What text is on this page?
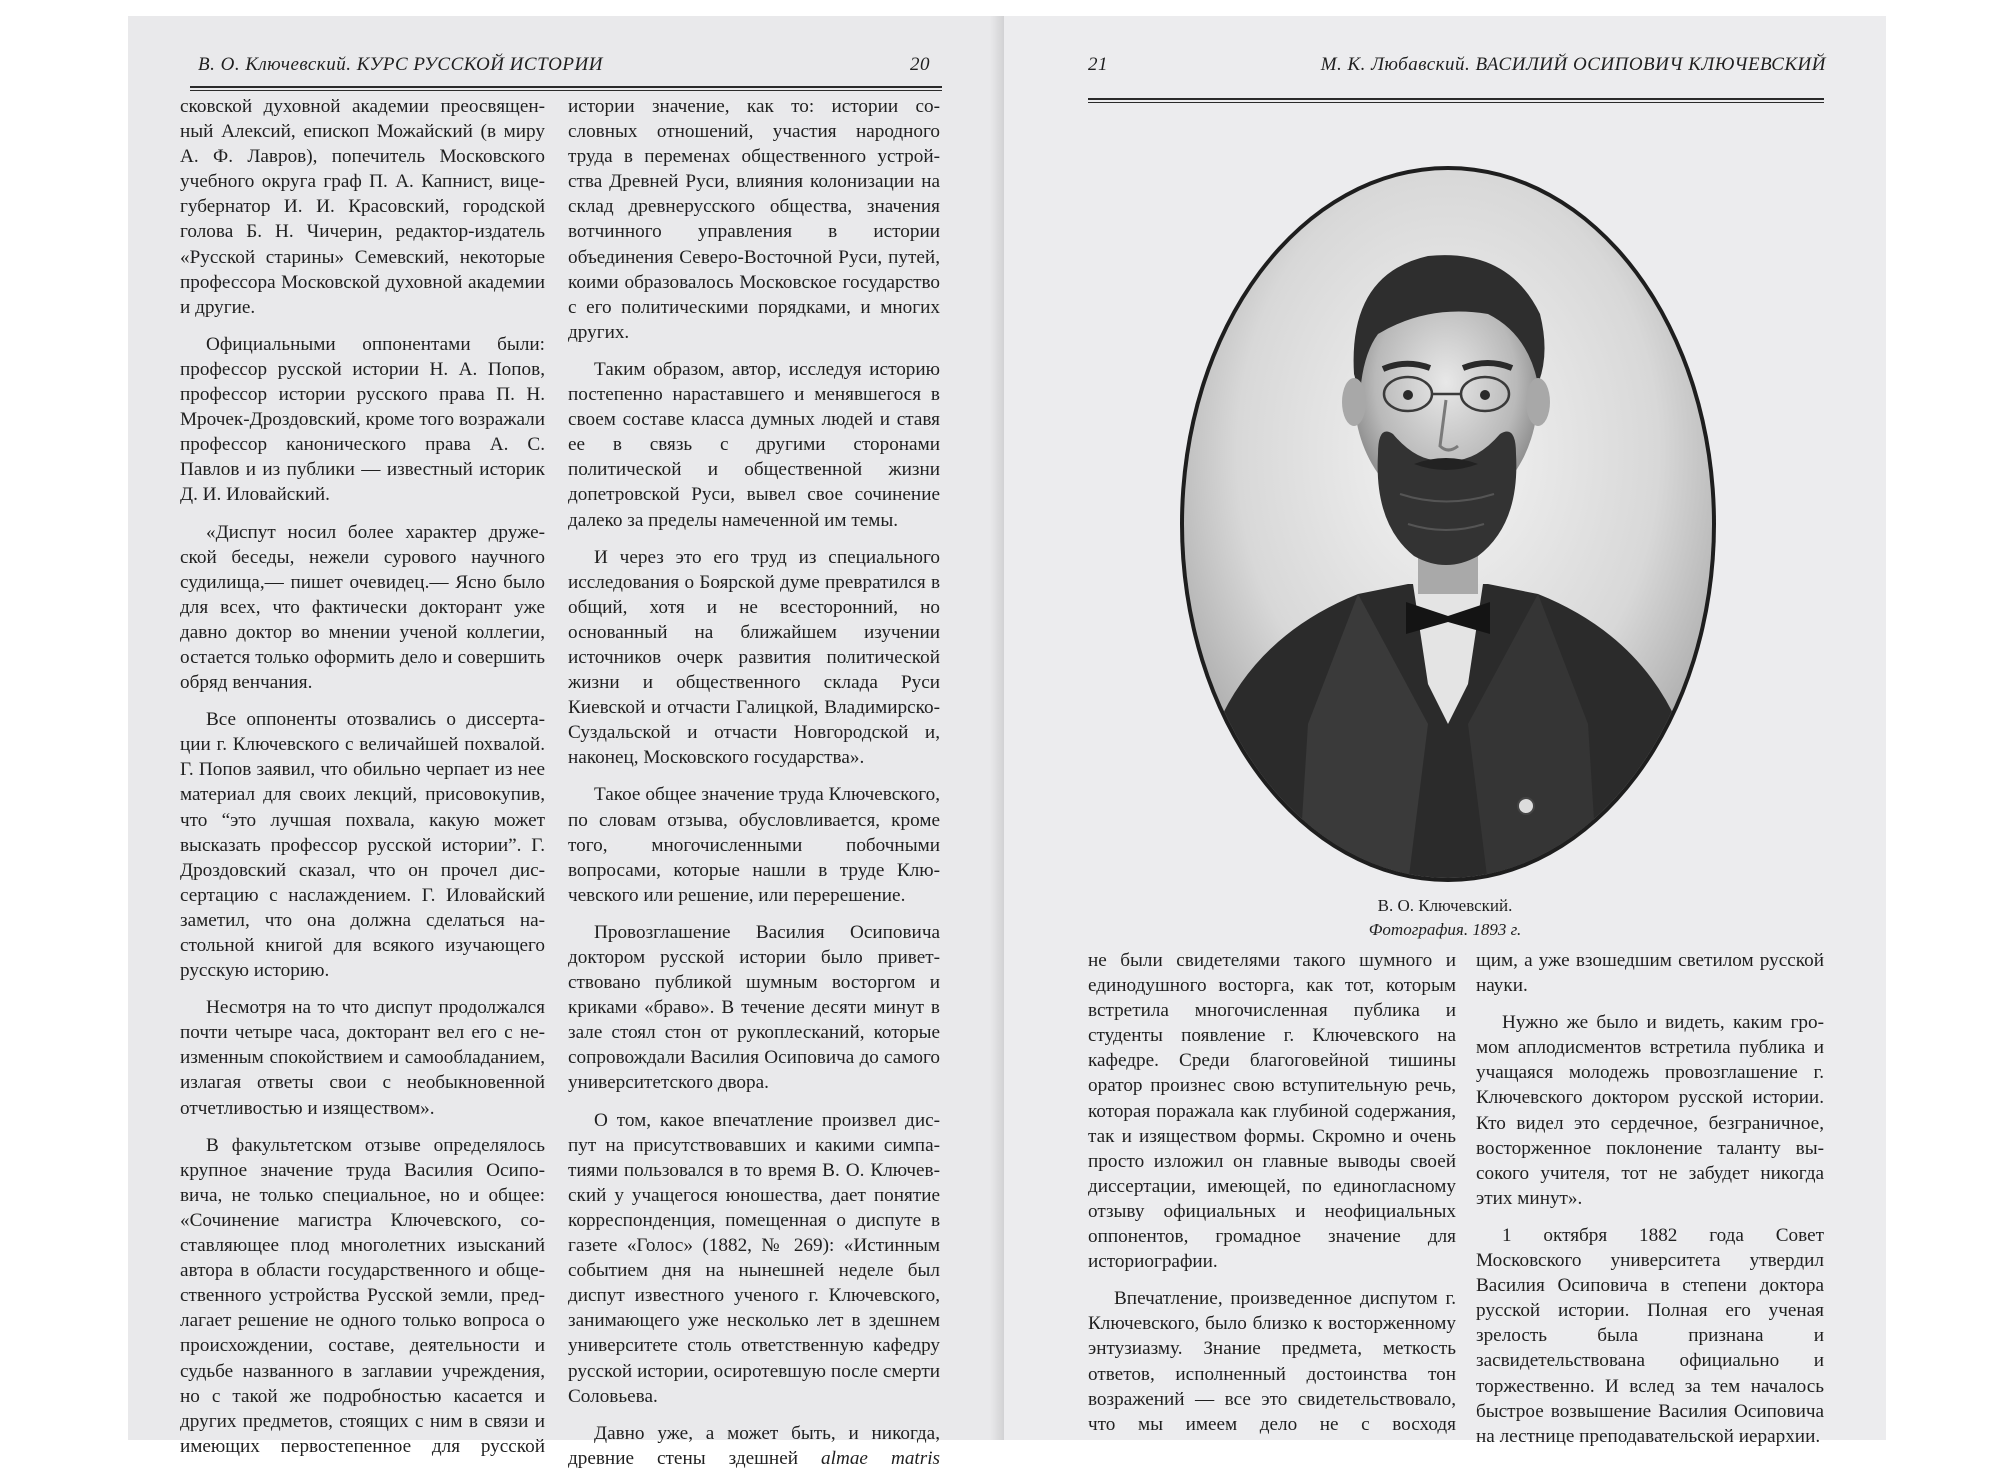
В. О. Ключевский. КУРС РУССКОЙ ИСТОРИИ	20

сковской духовной академии преосвященный Алексий, епископ Можайский (в миру А. Ф. Лавров), попечитель Московского учебного округа граф П. А. Капнист, вице-губернатор И. И. Красовский, городской голова Б. Н. Чичерин, редактор-издатель «Русской старины» Семевский, некоторые профессора Московской духовной академии и другие.

Официальными оппонентами были: профессор русской истории Н. А. Попов, профессор истории русского права П. Н. Мрочек-Дроздовский, кроме того возражали профессор канонического права А. С. Павлов и из публики — известный историк Д. И. Иловайский.

«Диспут носил более характер дружеской беседы, нежели сурового научного судилища,— пишет очевидец.— Ясно было для всех, что фактически докторант уже давно доктор во мнении ученой коллегии, остается только оформить дело и совершить обряд венчания.

Все оппоненты отозвались о диссертации г. Ключевского с величайшей похвалой. Г. Попов заявил, что обильно черпает из нее материал для своих лекций, присовокупив, что “это лучшая похвала, какую может высказать профессор русской истории”. Г. Дроздовский сказал, что он прочел диссертацию с наслаждением. Г. Иловайский заметил, что она должна сделаться настольной книгой для всякого изучающего русскую историю.

Несмотря на то что диспут продолжался почти четыре часа, докторант вел его с неизменным спокойствием и самообладанием, излагая ответы свои с необыкновенной отчетливостью и изяществом».

В факультетском отзыве определялось крупное значение труда Василия Осиповича, не только специальное, но и общее: «Сочинение магистра Ключевского, составляющее плод многолетних изысканий автора в области государственного и общественного устройства Русской земли, предлагает решение не одного только вопроса о происхождении, составе, деятельности и судьбе названного в заглавии учреждения, но с такой же подробностью касается и других предметов, стоящих с ним в связи и имеющих первостепенное для русской

истории значение, как то: истории сословных отношений, участия народного труда в переменах общественного устройства Древней Руси, влияния колонизации на склад древнерусского общества, значения вотчинного управления в истории объединения Северо-Восточной Руси, путей, коими образовалось Московское государство с его политическими порядками, и многих других.

Таким образом, автор, исследуя историю постепенно нараставшего и менявшегося в своем составе класса думных людей и ставя ее в связь с другими сторонами политической и общественной жизни допетровской Руси, вывел свое сочинение далеко за пределы намеченной им темы.

И через это его труд из специального исследования о Боярской думе превратился в общий, хотя и не всесторонний, но основанный на ближайшем изучении источников очерк развития политической жизни и общественного склада Руси Киевской и отчасти Галицкой, Владимирско-Суздальской и отчасти Новгородской и, наконец, Московского государства».

Такое общее значение труда Ключевского, по словам отзыва, обусловливается, кроме того, многочисленными побочными вопросами, которые нашли в труде Ключевского или решение, или перерешение.

Провозглашение Василия Осиповича доктором русской истории было приветствовано публикой шумным восторгом и криками «браво». В течение десяти минут в зале стоял стон от рукоплесканий, которые сопровождали Василия Осиповича до самого университетского двора.

О том, какое впечатление произвел диспут на присутствовавших и какими симпатиями пользовался в то время В. О. Ключевский у учащегося юношества, дает понятие корреспонденция, помещенная о диспуте в газете «Голос» (1882, № 269): «Истинным событием дня на нынешней неделе был диспут известного ученого г. Ключевского, занимающего уже несколько лет в здешнем университете столь ответственную кафедру русской истории, осиротевшую после смерти Соловьева.

Давно уже, а может быть, и никогда, древние стены здешней almae matris

21	М. К. Любавский. ВАСИЛИЙ ОСИПОВИЧ КЛЮЧЕВСКИЙ
В. О. Ключевский.
Фотография. 1893 г.

не были свидетелями такого шумного и единодушного восторга, как тот, которым встретила многочисленная публика и студенты появление г. Ключевского на кафедре. Среди благоговейной тишины оратор произнес свою вступительную речь, которая поражала как глубиной содержания, так и изяществом формы. Скромно и очень просто изложил он главные выводы своей диссертации, имеющей, по единогласному отзыву официальных и неофициальных оппонентов, громадное значение для историографии.

Впечатление, произведенное диспутом г. Ключевского, было близко к восторженному энтузиазму. Знание предмета, меткость ответов, исполненный достоинства тон возражений — все это свидетельствовало, что мы имеем дело не с восходя

щим, а уже взошедшим светилом русской науки.

Нужно же было и видеть, каким громом аплодисментов встретила публика и учащаяся молодежь провозглашение г. Ключевского доктором русской истории. Кто видел это сердечное, безграничное, восторженное поклонение таланту высокого учителя, тот не забудет никогда этих минут».

1 октября 1882 года Совет Московского университета утвердил Василия Осиповича в степени доктора русской истории. Полная его ученая зрелость была признана и засвидетельствована официально и торжественно. И вслед за тем началось быстрое возвышение Василия Осиповича на лестнице преподавательской иерархии.
